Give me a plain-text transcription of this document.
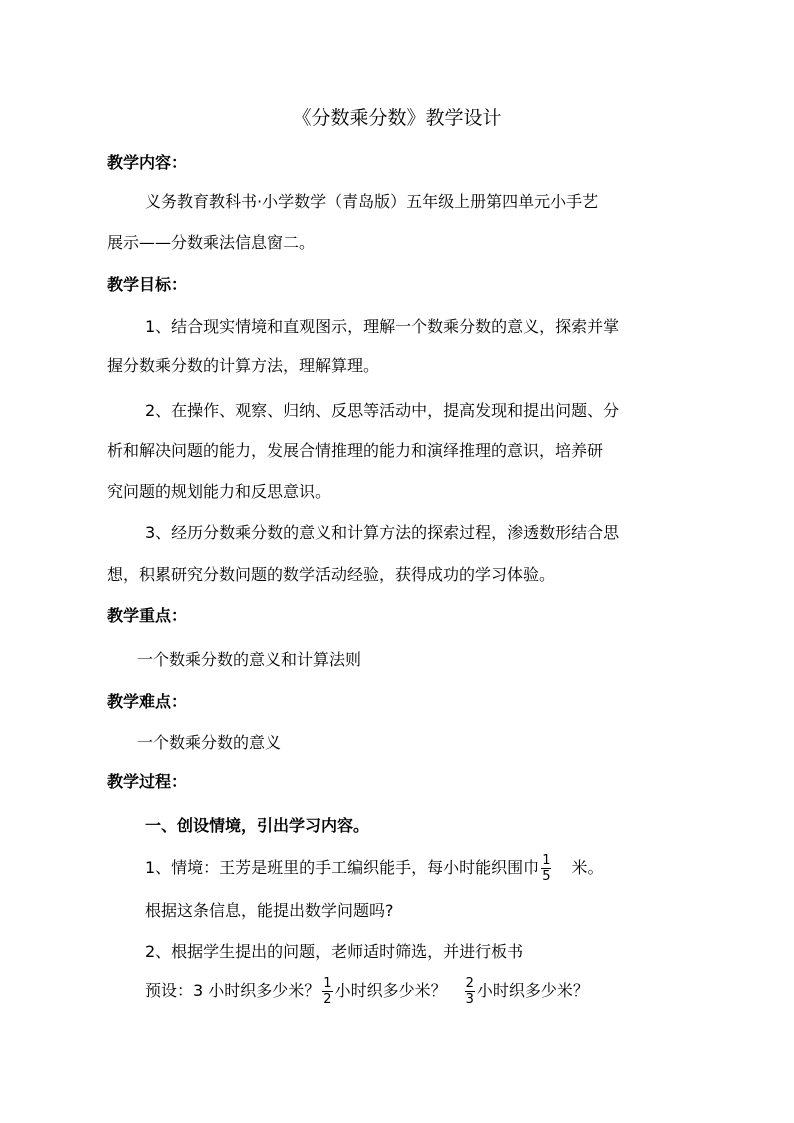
《分数乘分数》教学设计
教学内容：
义务教育教科书·小学数学（青岛版）五年级上册第四单元小手艺
展示——分数乘法信息窗二。
教学目标：
1、结合现实情境和直观图示，理解一个数乘分数的意义，探索并掌
握分数乘分数的计算方法，理解算理。
2、在操作、观察、归纳、反思等活动中，提高发现和提出问题、分
析和解决问题的能力，发展合情推理的能力和演绎推理的意识，培养研
究问题的规划能力和反思意识。
3、经历分数乘分数的意义和计算方法的探索过程，渗透数形结合思
想，积累研究分数问题的数学活动经验，获得成功的学习体验。
教学重点：
一个数乘分数的意义和计算法则
教学难点：
一个数乘分数的意义
教学过程：
一、创设情境，引出学习内容。
1、情境：王芳是班里的手工编织能手，每小时能织围巾 $\frac{1}{5}$ 米。
根据这条信息，能提出数学问题吗?
2、根据学生提出的问题，老师适时筛选，并进行板书
预设：3 小时织多少米？ $\frac{1}{2}$ 小时织多少米？ $\frac{2}{3}$ 小时织多少米？
